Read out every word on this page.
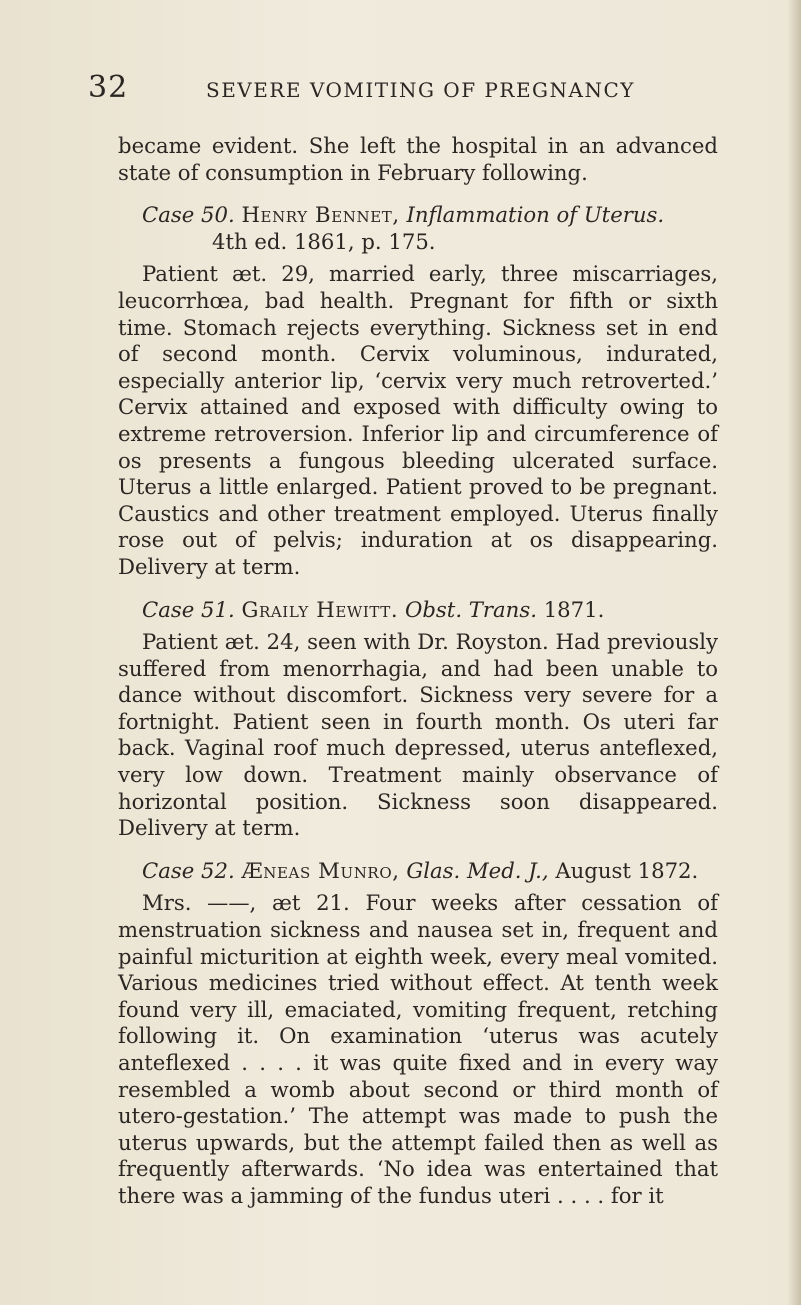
32	SEVERE VOMITING OF PREGNANCY

became evident. She left the hospital in an advanced state of consumption in February following.

Case 50. Henry Bennet, Inflammation of Uterus.

4th ed. 1861, p. 175.

Patient æt. 29, married early, three miscarriages, leucorrhœa, bad health. Pregnant for fifth or sixth time. Stomach rejects everything. Sickness set in end of second month. Cervix voluminous, indurated, especially anterior lip, ‘cervix very much retroverted.’ Cervix attained and exposed with difficulty owing to extreme retroversion. Inferior lip and circumference of os presents a fungous bleeding ulcerated surface. Uterus a little enlarged. Patient proved to be pregnant. Caustics and other treatment employed. Uterus finally rose out of pelvis; induration at os disappearing. Delivery at term.

Case 51. Graily Hewitt. Obst. Trans. 1871.

Patient æt. 24, seen with Dr. Royston. Had previously suffered from menorrhagia, and had been unable to dance without discomfort. Sickness very severe for a fortnight. Patient seen in fourth month. Os uteri far back. Vaginal roof much depressed, uterus anteflexed, very low down. Treatment mainly observance of horizontal position. Sickness soon disappeared. Delivery at term.

Case 52. Æneas Munro, Glas. Med. J., August 1872.

Mrs. ——, æt 21. Four weeks after cessation of menstruation sickness and nausea set in, frequent and painful micturition at eighth week, every meal vomited. Various medicines tried without effect. At tenth week found very ill, emaciated, vomiting frequent, retching following it. On examination ‘uterus was acutely anteflexed . . . . it was quite fixed and in every way resembled a womb about second or third month of utero-gestation.’ The attempt was made to push the uterus upwards, but the attempt failed then as well as frequently afterwards. ‘No idea was entertained that there was a jamming of the fundus uteri . . . . for it
